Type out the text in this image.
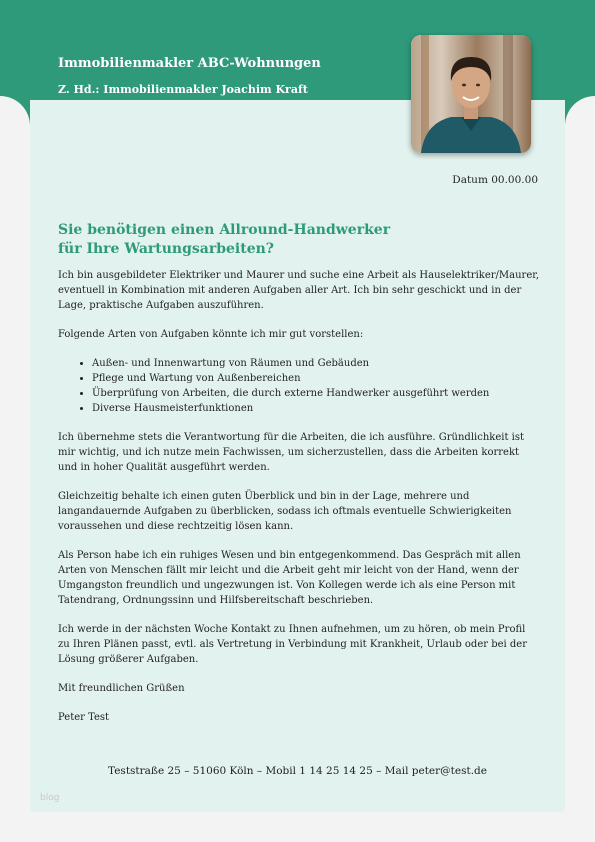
Immobilienmakler ABC-Wohnungen
Z. Hd.: Immobilienmakler Joachim Kraft
Datum 00.00.00
Sie benötigen einen Allround-Handwerker
für Ihre Wartungsarbeiten?

Ich bin ausgebildeter Elektriker und Maurer und suche eine Arbeit als Hauselektriker/Maurer, eventuell in Kombination mit anderen Aufgaben aller Art. Ich bin sehr geschickt und in der Lage, praktische Aufgaben auszuführen.

Folgende Arten von Aufgaben könnte ich mir gut vorstellen:

• Außen- und Innenwartung von Räumen und Gebäuden
• Pflege und Wartung von Außenbereichen
• Überprüfung von Arbeiten, die durch externe Handwerker ausgeführt werden
• Diverse Hausmeisterfunktionen

Ich übernehme stets die Verantwortung für die Arbeiten, die ich ausführe. Gründlichkeit ist mir wichtig, und ich nutze mein Fachwissen, um sicherzustellen, dass die Arbeiten korrekt und in hoher Qualität ausgeführt werden.

Gleichzeitig behalte ich einen guten Überblick und bin in der Lage, mehrere und langandauernde Aufgaben zu überblicken, sodass ich oftmals eventuelle Schwierigkeiten voraussehen und diese rechtzeitig lösen kann.

Als Person habe ich ein ruhiges Wesen und bin entgegenkommend. Das Gespräch mit allen Arten von Menschen fällt mir leicht und die Arbeit geht mir leicht von der Hand, wenn der Umgangston freundlich und ungezwungen ist. Von Kollegen werde ich als eine Person mit Tatendrang, Ordnungssinn und Hilfsbereitschaft beschrieben.

Ich werde in der nächsten Woche Kontakt zu Ihnen aufnehmen, um zu hören, ob mein Profil zu Ihren Plänen passt, evtl. als Vertretung in Verbindung mit Krankheit, Urlaub oder bei der Lösung größerer Aufgaben.

Mit freundlichen Grüßen

Peter Test

Teststraße 25 – 51060 Köln – Mobil 1 14 25 14 25 – Mail peter@test.de
blog
